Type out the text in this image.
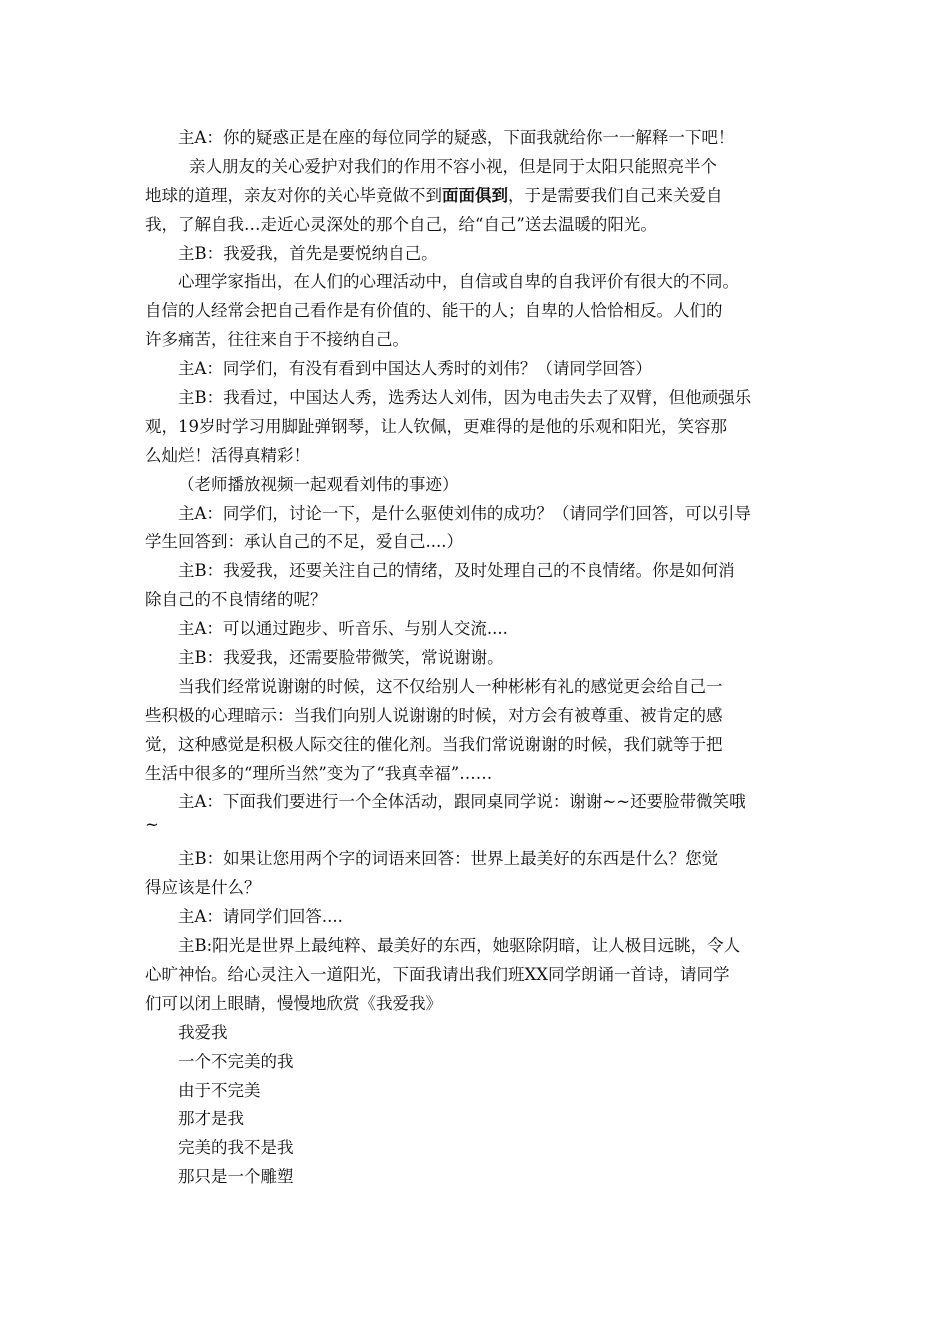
主A：你的疑惑正是在座的每位同学的疑惑，下面我就给你一一解释一下吧！
亲人朋友的关心爱护对我们的作用不容小视，但是同于太阳只能照亮半个
地球的道理，亲友对你的关心毕竟做不到面面俱到，于是需要我们自己来关爱自
我，了解自我…走近心灵深处的那个自己，给“自己”送去温暖的阳光。
主B：我爱我，首先是要悦纳自己。
心理学家指出，在人们的心理活动中，自信或自卑的自我评价有很大的不同。
自信的人经常会把自己看作是有价值的、能干的人；自卑的人恰恰相反。人们的
许多痛苦，往往来自于不接纳自己。
主A：同学们，有没有看到中国达人秀时的刘伟？（请同学回答）
主B：我看过，中国达人秀，选秀达人刘伟，因为电击失去了双臂，但他顽强乐
观，19岁时学习用脚趾弹钢琴，让人钦佩，更难得的是他的乐观和阳光，笑容那
么灿烂！活得真精彩！
（老师播放视频一起观看刘伟的事迹）
主A：同学们，讨论一下，是什么驱使刘伟的成功？（请同学们回答，可以引导
学生回答到：承认自己的不足，爱自己....）
主B：我爱我，还要关注自己的情绪，及时处理自己的不良情绪。你是如何消
除自己的不良情绪的呢？
主A：可以通过跑步、听音乐、与别人交流....
主B：我爱我，还需要脸带微笑，常说谢谢。
当我们经常说谢谢的时候，这不仅给别人一种彬彬有礼的感觉更会给自己一
些积极的心理暗示：当我们向别人说谢谢的时候，对方会有被尊重、被肯定的感
觉，这种感觉是积极人际交往的催化剂。当我们常说谢谢的时候，我们就等于把
生活中很多的“理所当然”变为了“我真幸福”……
主A：下面我们要进行一个全体活动，跟同桌同学说：谢谢~~还要脸带微笑哦
~
主B：如果让您用两个字的词语来回答：世界上最美好的东西是什么？您觉
得应该是什么？
主A：请同学们回答....
主B:阳光是世界上最纯粹、最美好的东西，她驱除阴暗，让人极目远眺，令人
心旷神怡。给心灵注入一道阳光，下面我请出我们班XX同学朗诵一首诗，请同学
们可以闭上眼睛，慢慢地欣赏《我爱我》
我爱我
一个不完美的我
由于不完美
那才是我
完美的我不是我
那只是一个雕塑
